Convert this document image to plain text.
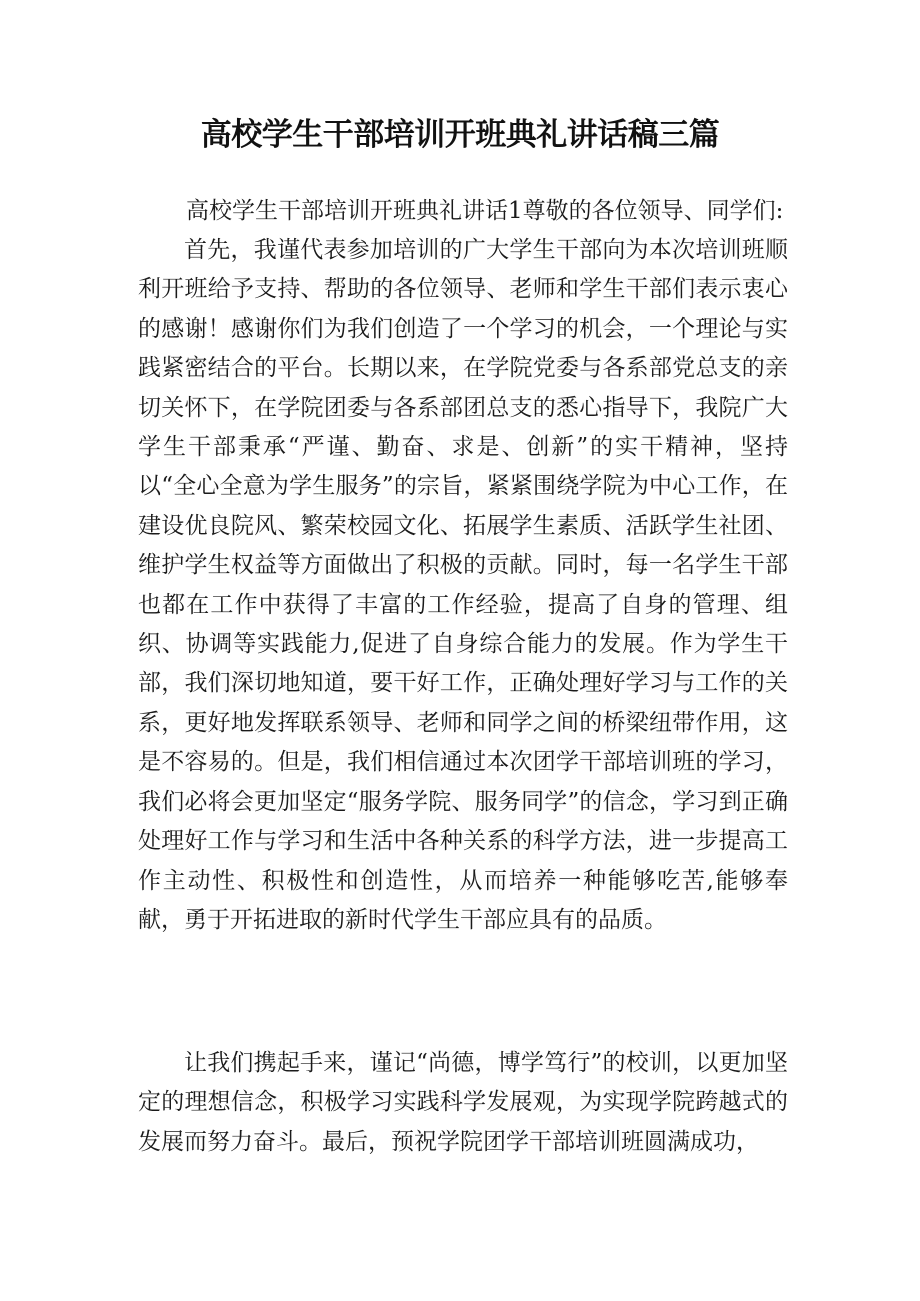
高校学生干部培训开班典礼讲话稿三篇

高校学生干部培训开班典礼讲话1尊敬的各位领导、同学们:

首先，我谨代表参加培训的广大学生干部向为本次培训班顺利开班给予支持、帮助的各位领导、老师和学生干部们表示衷心的感谢！感谢你们为我们创造了一个学习的机会，一个理论与实践紧密结合的平台。长期以来，在学院党委与各系部党总支的亲切关怀下，在学院团委与各系部团总支的悉心指导下，我院广大学生干部秉承“严谨、勤奋、求是、创新”的实干精神，坚持以“全心全意为学生服务”的宗旨，紧紧围绕学院为中心工作，在建设优良院风、繁荣校园文化、拓展学生素质、活跃学生社团、维护学生权益等方面做出了积极的贡献。同时，每一名学生干部也都在工作中获得了丰富的工作经验，提高了自身的管理、组织、协调等实践能力,促进了自身综合能力的发展。作为学生干部，我们深切地知道，要干好工作，正确处理好学习与工作的关系，更好地发挥联系领导、老师和同学之间的桥梁纽带作用，这是不容易的。但是，我们相信通过本次团学干部培训班的学习，我们必将会更加坚定“服务学院、服务同学”的信念，学习到正确处理好工作与学习和生活中各种关系的科学方法，进一步提高工作主动性、积极性和创造性，从而培养一种能够吃苦,能够奉献，勇于开拓进取的新时代学生干部应具有的品质。

让我们携起手来，谨记“尚德，博学笃行”的校训，以更加坚定的理想信念，积极学习实践科学发展观，为实现学院跨越式的发展而努力奋斗。最后，预祝学院团学干部培训班圆满成功，
